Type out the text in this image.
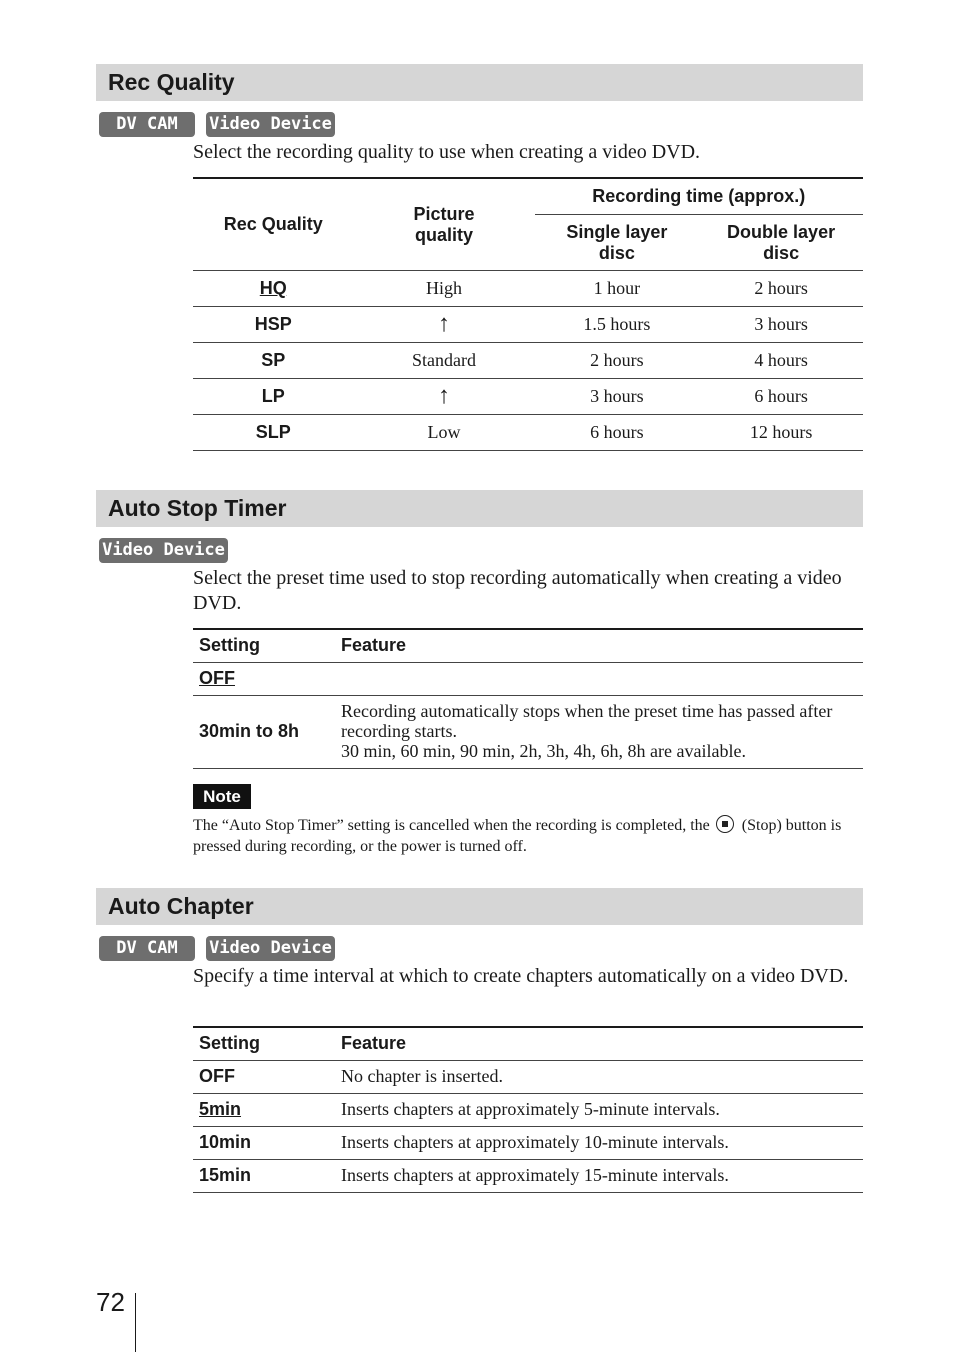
Rec Quality
DV CAM	Video Device

Select the recording quality to use when creating a video DVD.

Rec Quality	Picture quality	Recording time (approx.)	
		Single layer disc	Double layer disc
HQ	High	1 hour	2 hours
HSP	↑	1.5 hours	3 hours
SP	Standard	2 hours	4 hours
LP	↑	3 hours	6 hours
SLP	Low	6 hours	12 hours
Auto Stop Timer
Video Device

Select the preset time used to stop recording automatically when creating a video DVD.

Setting	Feature
OFF	
30min to 8h	Recording automatically stops when the preset time has passed after recording starts.
30 min, 60 min, 90 min, 2h, 3h, 4h, 6h, 8h are available.
Note

The “Auto Stop Timer” setting is cancelled when the recording is completed, the (Stop) button is pressed during recording, or the power is turned off.

Auto Chapter
DV CAM	Video Device

Specify a time interval at which to create chapters automatically on a video DVD.

Setting	Feature
OFF	No chapter is inserted.
5min	Inserts chapters at approximately 5-minute intervals.
10min	Inserts chapters at approximately 10-minute intervals.
15min	Inserts chapters at approximately 15-minute intervals.
72
